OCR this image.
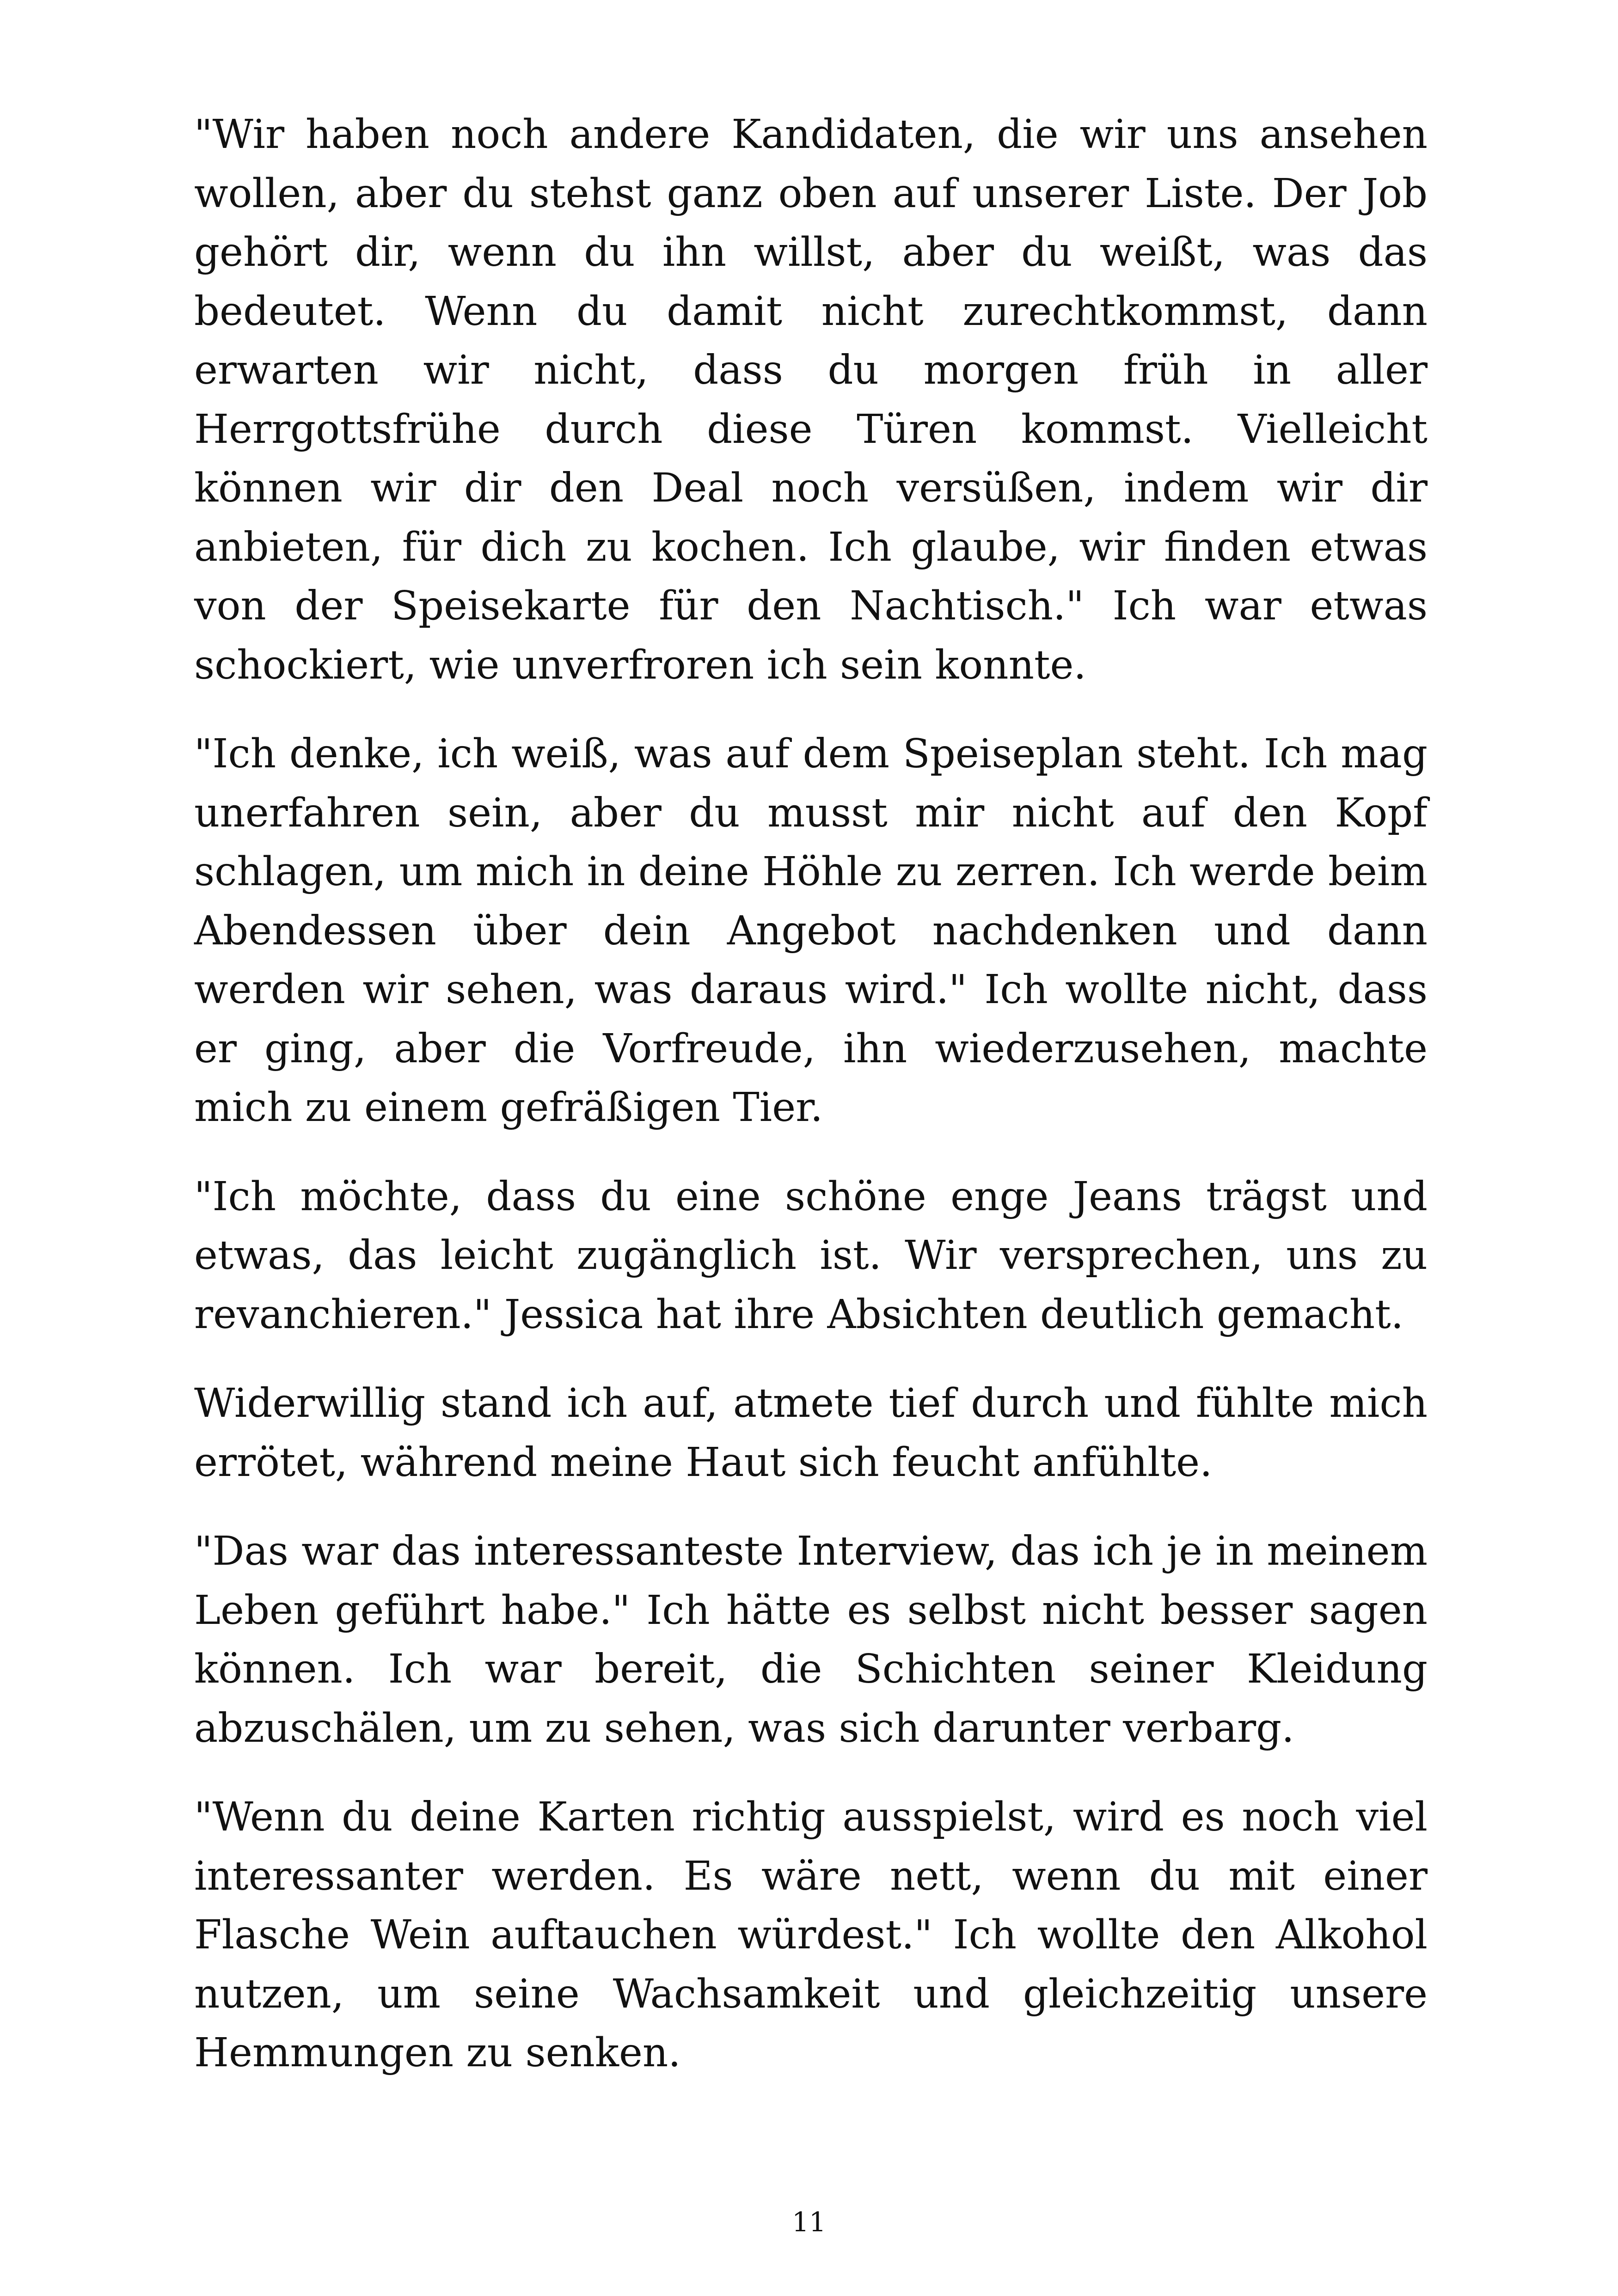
"Wir haben noch andere Kandidaten, die wir uns ansehen wollen, aber du stehst ganz oben auf unserer Liste. Der Job gehört dir, wenn du ihn willst, aber du weißt, was das bedeutet. Wenn du damit nicht zurechtkommst, dann erwarten wir nicht, dass du morgen früh in aller Herrgottsfrühe durch diese Türen kommst. Vielleicht können wir dir den Deal noch versüßen, indem wir dir anbieten, für dich zu kochen. Ich glaube, wir finden etwas von der Speisekarte für den Nachtisch." Ich war etwas schockiert, wie unverfroren ich sein konnte.

"Ich denke, ich weiß, was auf dem Speiseplan steht. Ich mag unerfahren sein, aber du musst mir nicht auf den Kopf schlagen, um mich in deine Höhle zu zerren. Ich werde beim Abendessen über dein Angebot nachdenken und dann werden wir sehen, was daraus wird." Ich wollte nicht, dass er ging, aber die Vorfreude, ihn wiederzusehen, machte mich zu einem gefräßigen Tier.

"Ich möchte, dass du eine schöne enge Jeans trägst und etwas, das leicht zugänglich ist. Wir versprechen, uns zu revanchieren." Jessica hat ihre Absichten deutlich gemacht.

Widerwillig stand ich auf, atmete tief durch und fühlte mich errötet, während meine Haut sich feucht anfühlte.

"Das war das interessanteste Interview, das ich je in meinem Leben geführt habe." Ich hätte es selbst nicht besser sagen können. Ich war bereit, die Schichten seiner Kleidung abzuschälen, um zu sehen, was sich darunter verbarg.

"Wenn du deine Karten richtig ausspielst, wird es noch viel interessanter werden. Es wäre nett, wenn du mit einer Flasche Wein auftauchen würdest." Ich wollte den Alkohol nutzen, um seine Wachsamkeit und gleichzeitig unsere Hemmungen zu senken.

11
